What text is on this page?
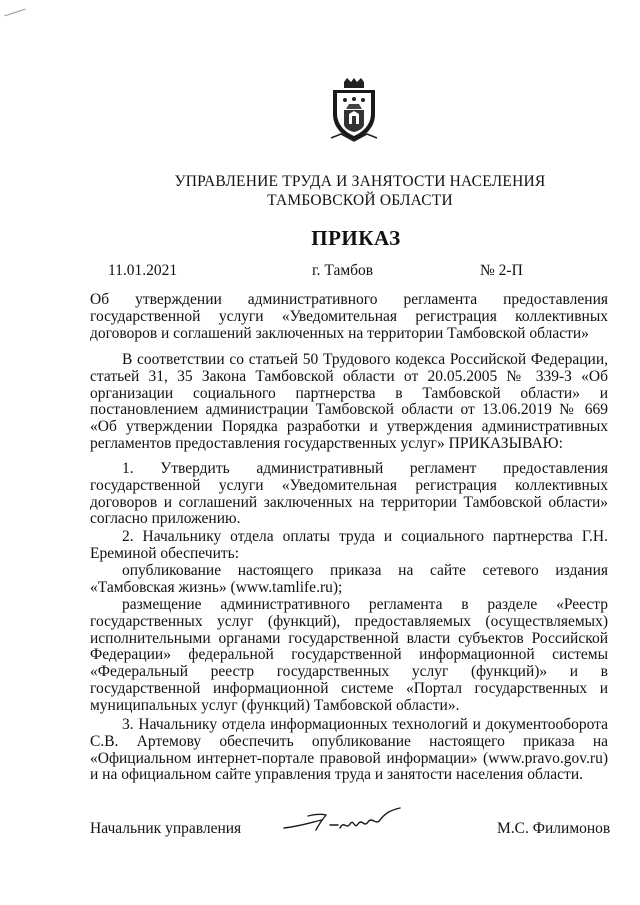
УПРАВЛЕНИЕ ТРУДА И ЗАНЯТОСТИ НАСЕЛЕНИЯ
ТАМБОВСКОЙ ОБЛАСТИ
ПРИКАЗ
11.01.2021	г. Тамбов	№ 2-П

Об утверждении административного регламента предоставления государственной услуги «Уведомительная регистрация коллективных договоров и соглашений заключенных на территории Тамбовской области»

В соответствии со статьей 50 Трудового кодекса Российской Федерации, статьей 31, 35 Закона Тамбовской области от 20.05.2005 № 339-З «Об организации социального партнерства в Тамбовской области» и постановлением администрации Тамбовской области от 13.06.2019 № 669 «Об утверждении Порядка разработки и утверждения административных регламентов предоставления государственных услуг» ПРИКАЗЫВАЮ:

1. Утвердить административный регламент предоставления государственной услуги «Уведомительная регистрация коллективных договоров и соглашений заключенных на территории Тамбовской области» согласно приложению.

2. Начальнику отдела оплаты труда и социального партнерства Г.Н. Ереминой обеспечить:

опубликование настоящего приказа на сайте сетевого издания «Тамбовская жизнь» (www.tamlife.ru);

размещение административного регламента в разделе «Реестр государственных услуг (функций), предоставляемых (осуществляемых) исполнительными органами государственной власти субъектов Российской Федерации» федеральной государственной информационной системы «Федеральный реестр государственных услуг (функций)» и в государственной информационной системе «Портал государственных и муниципальных услуг (функций) Тамбовской области».

3. Начальнику отдела информационных технологий и документооборота С.В. Артемову обеспечить опубликование настоящего приказа на «Официальном интернет-портале правовой информации» (www.pravo.gov.ru) и на официальном сайте управления труда и занятости населения области.

Начальник управления	М.С. Филимонов
